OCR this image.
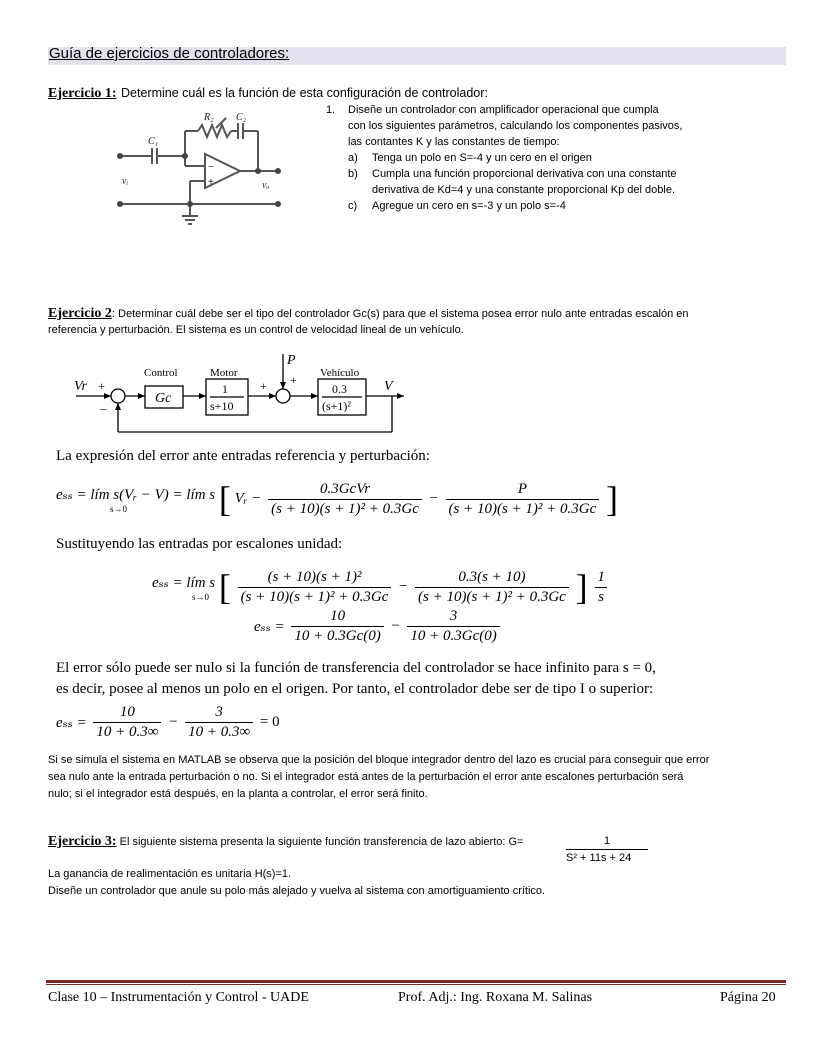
Guía de ejercicios de controladores:
Ejercicio 1: Determine cuál es la función de esta configuración de controlador:
R₂ C₂
C₁
vᵢ	vₒ
−
+
1. Diseñe un controlador con amplificador operacional que cumpla
con los siguientes parámetros, calculando los componentes pasivos,
las contantes K y las constantes de tiempo:
a) Tenga un polo en S=-4 y un cero en el origen
b) Cumpla una función proporcional derivativa con una constante
derivativa de Kd=4 y una constante proporcional Kp del doble.
c) Agregue un cero en s=-3 y un polo s=-4
Ejercicio 2: Determinar cuál debe ser el tipo del controlador Gc(s) para que el sistema posea error nulo ante entradas escalón en
referencia y perturbación. El sistema es un control de velocidad lineal de un vehículo.
Vr +
−
Control
Gc
Motor
1
s+10
+
P
+ Vehículo
0.3
(s+1)²
V
La expresión del error ante entradas referencia y perturbación:
eₛₛ = lím s(Vᵣ − V) = lím s
s→0	[ Vᵣ − $\frac{\text{0.3GcVr}}{\text{(s + 10)(s + 1)² + 0.3Gc}} - \frac{P}{\text{(s + 10)(s + 1)² + 0.3Gc}}$ ]
Sustituyendo las entradas por escalones unidad:
eₛₛ = lím s
s→0 [ $\frac{\text{(s + 10)(s + 1)²}}{\text{(s + 10)(s + 1)² + 0.3Gc}} - \frac{0.3(s + 10)}{\text{(s + 10)(s + 1)² + 0.3Gc}}$ ] $\frac{1}{s}$
$e_{ss} = \frac{10}{10 + 0.3Gc(0)} - \frac{3}{10 + 0.3Gc(0)}$
El error sólo puede ser nulo si la función de transferencia del controlador se hace infinito para s = 0,
es decir, posee al menos un polo en el origen. Por tanto, el controlador debe ser de tipo I o superior:
$e_{ss} = \frac{10}{10 + 0.3\infty} - \frac{3}{10 + 0.3\infty} = 0$
Si se simula el sistema en MATLAB se observa que la posición del bloque integrador dentro del lazo es crucial para conseguir que error
sea nulo ante la entrada perturbación o no. Si el integrador está antes de la perturbación el error ante escalones perturbación será
nulo; si el integrador está después, en la planta a controlar, el error será finito.
Ejercicio 3: El siguiente sistema presenta la siguiente función transferencia de lazo abierto: G=	1
S² + 11s + 24
La ganancia de realimentación es unitaria H(s)=1.
Diseñe un controlador que anule su polo más alejado y vuelva al sistema con amortiguamiento crítico.
Clase 10 – Instrumentación y Control - UADE	Prof. Adj.: Ing. Roxana M. Salinas	Página 20
